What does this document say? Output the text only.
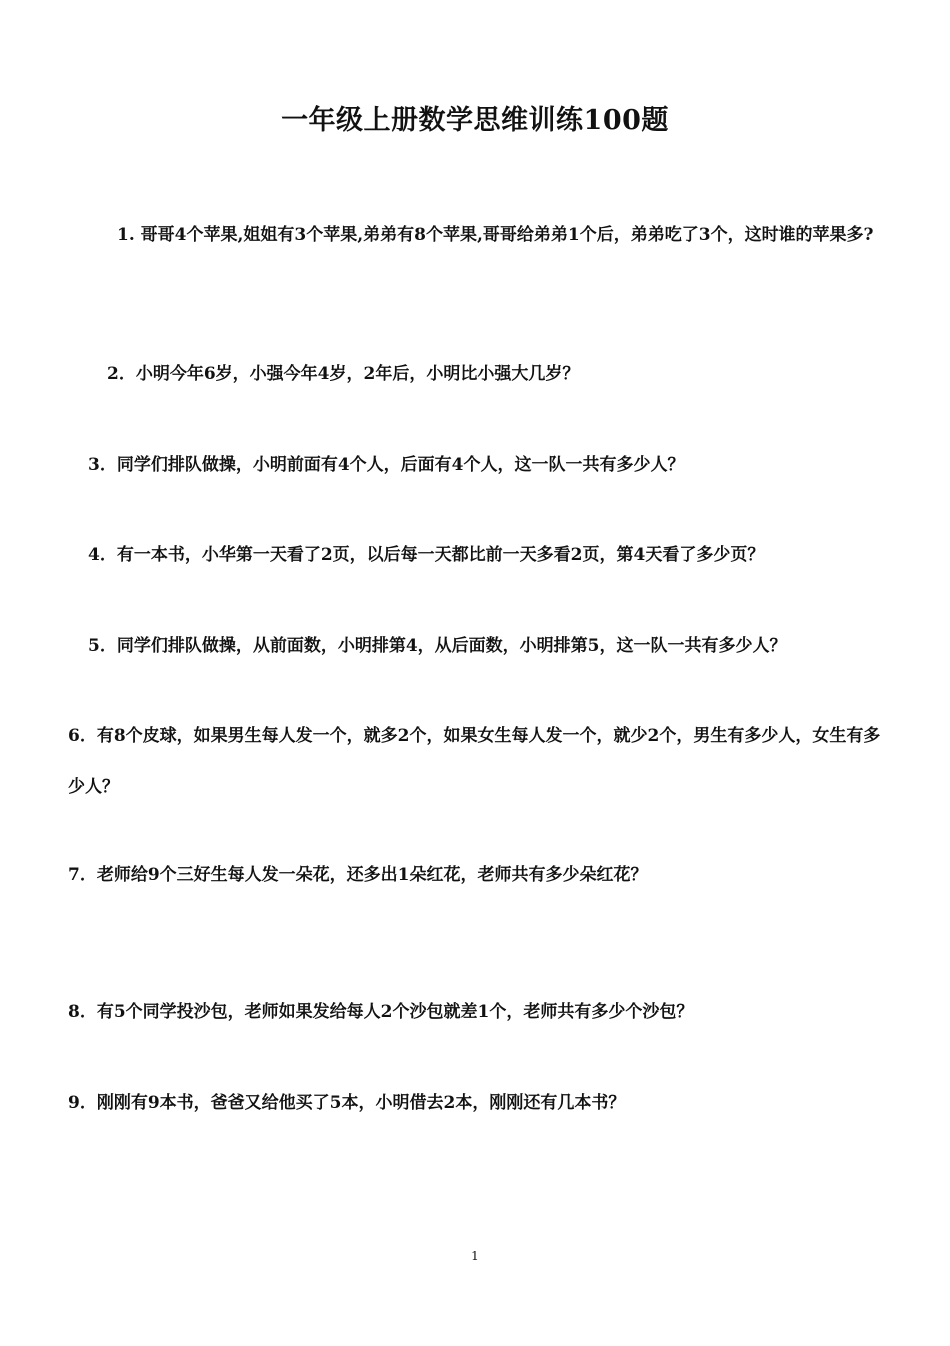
一年级上册数学思维训练100题
1. 哥哥4个苹果,姐姐有3个苹果,弟弟有8个苹果,哥哥给弟弟1个后，弟弟吃了3个，这时谁的苹果多?
2．小明今年6岁，小强今年4岁，2年后，小明比小强大几岁？
3．同学们排队做操，小明前面有4个人，后面有4个人，这一队一共有多少人？
4．有一本书，小华第一天看了2页，以后每一天都比前一天多看2页，第4天看了多少页？
5．同学们排队做操，从前面数，小明排第4，从后面数，小明排第5，这一队一共有多少人？
6．有8个皮球，如果男生每人发一个，就多2个，如果女生每人发一个，就少2个，男生有多少人，女生有多少人？
7．老师给9个三好生每人发一朵花，还多出1朵红花，老师共有多少朵红花？
8．有5个同学投沙包，老师如果发给每人2个沙包就差1个，老师共有多少个沙包？
9．刚刚有9本书，爸爸又给他买了5本，小明借去2本，刚刚还有几本书？
1
